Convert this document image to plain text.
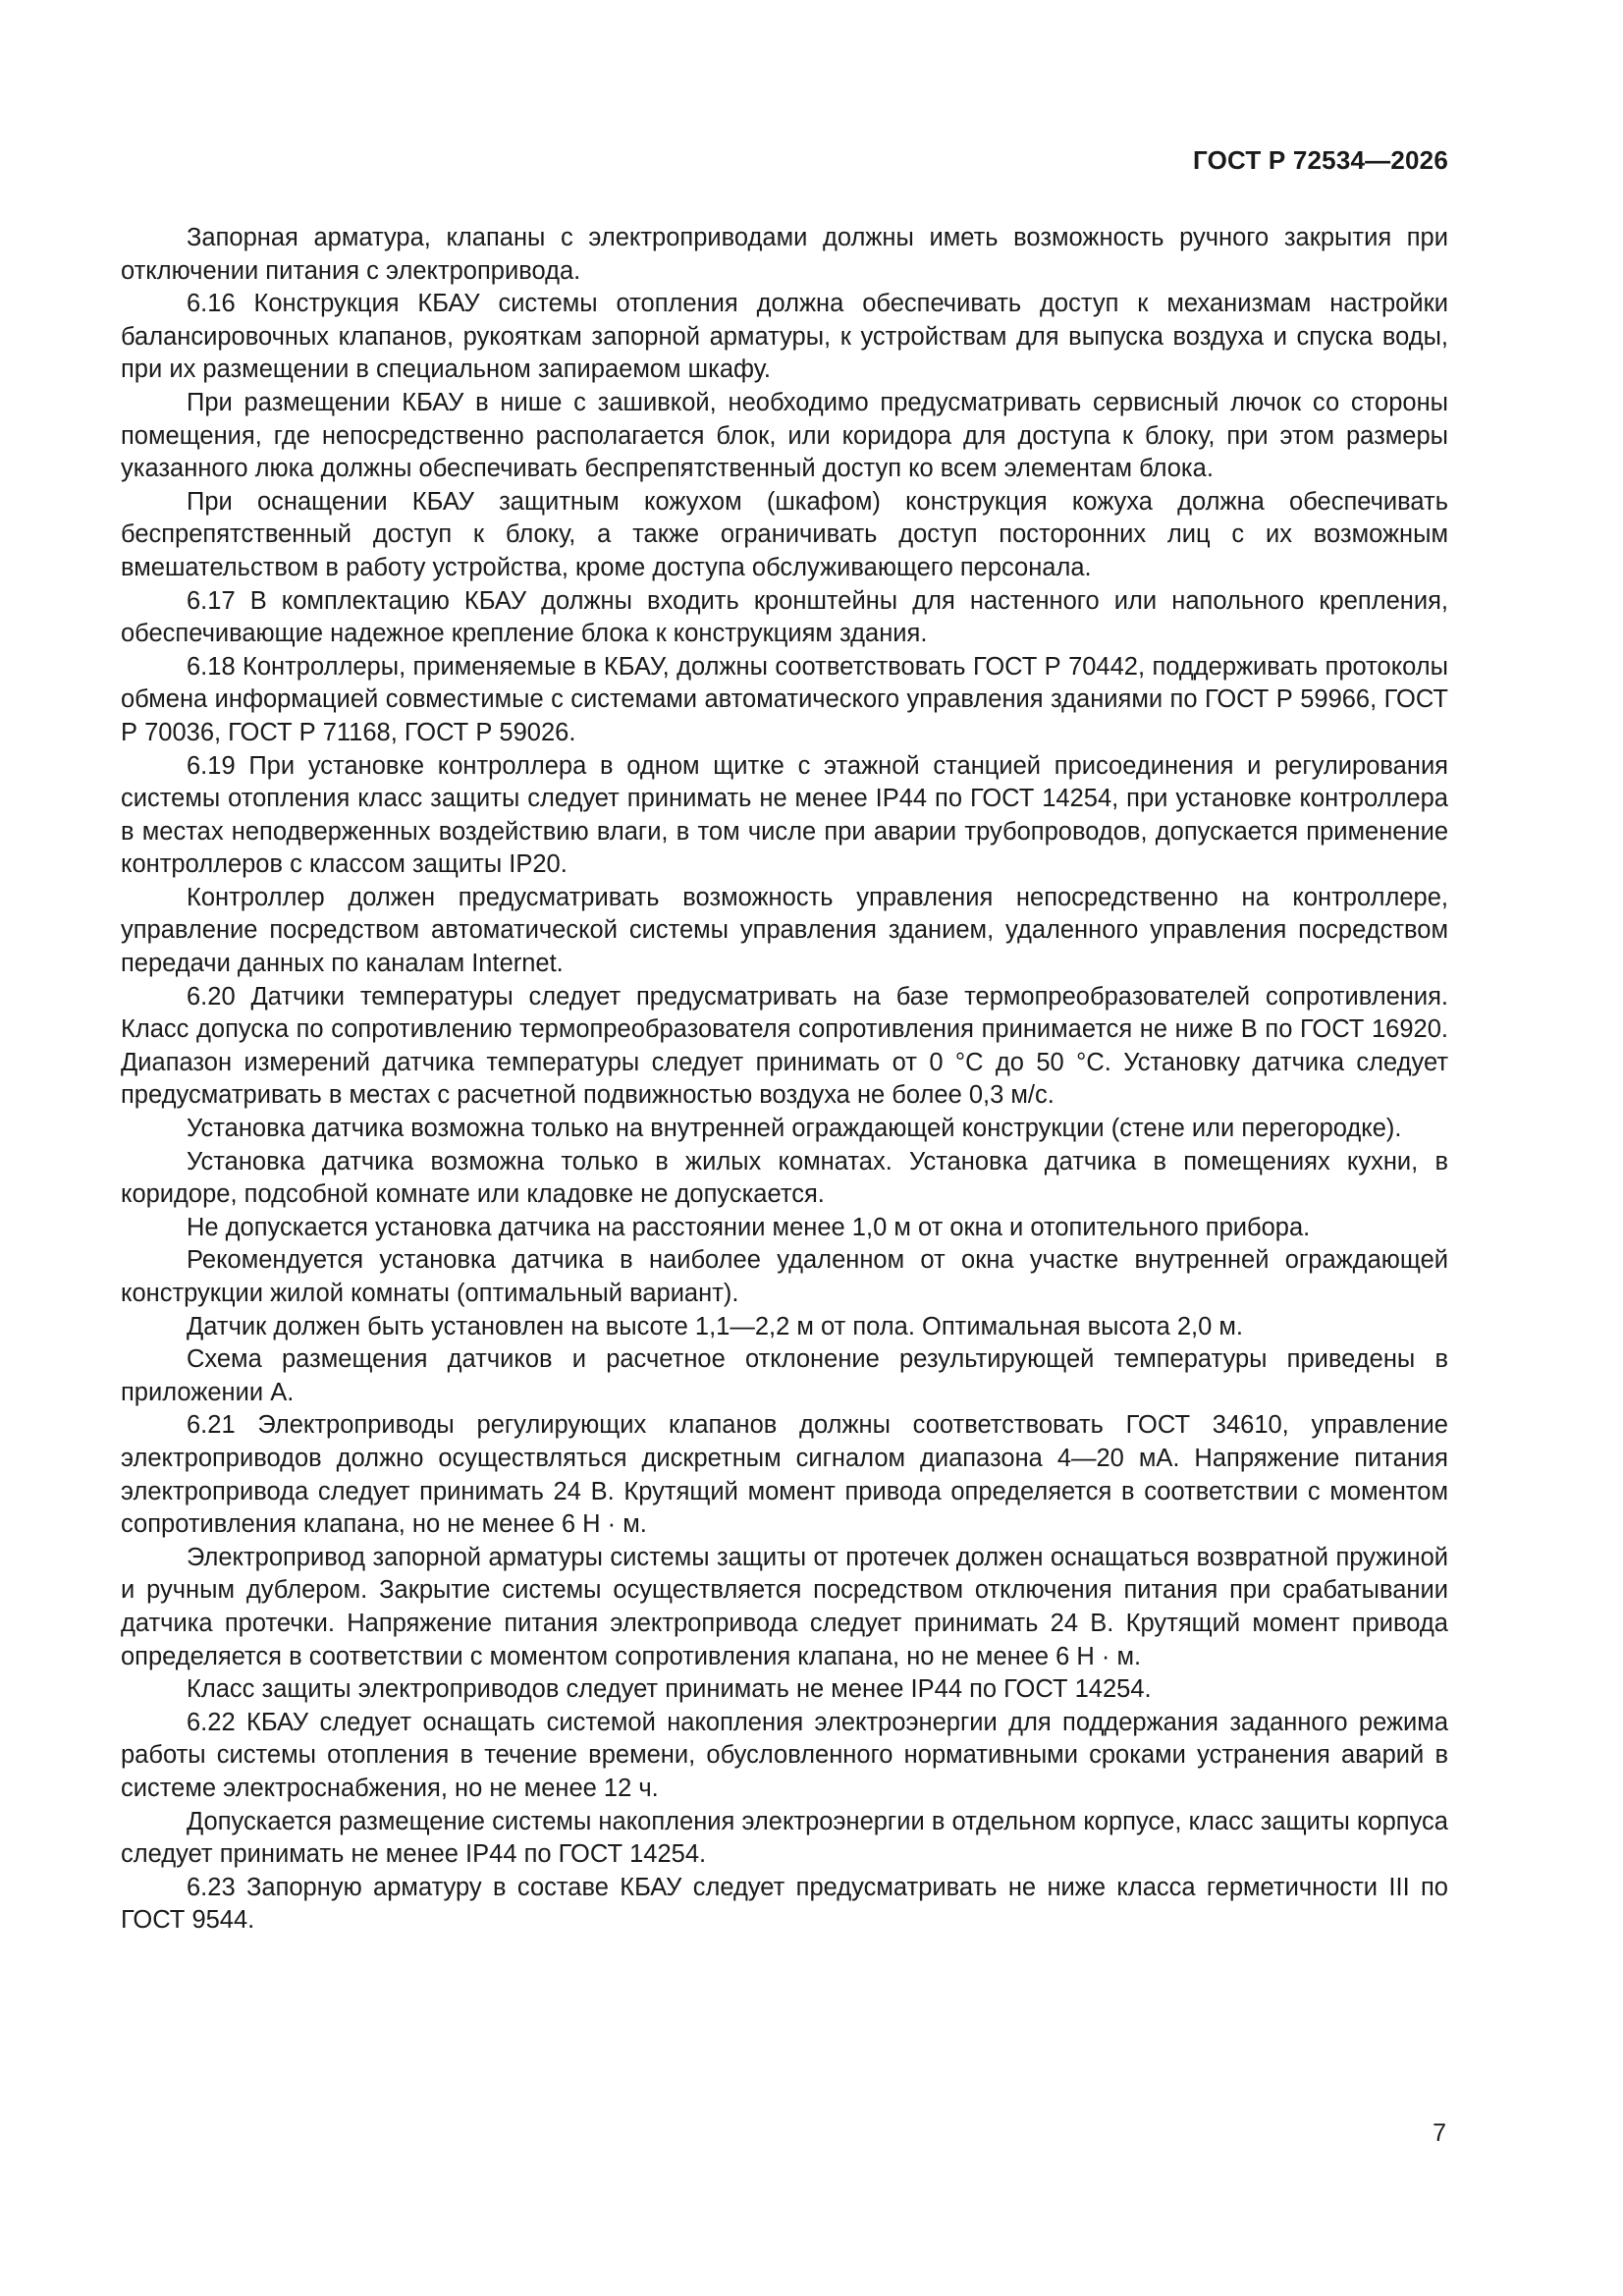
ГОСТ Р 72534—2026

Запорная арматура, клапаны с электроприводами должны иметь возможность ручного закрытия при отключении питания с электропривода.

6.16 Конструкция КБАУ системы отопления должна обеспечивать доступ к механизмам настройки балансировочных клапанов, рукояткам запорной арматуры, к устройствам для выпуска воздуха и спуска воды, при их размещении в специальном запираемом шкафу.

При размещении КБАУ в нише с зашивкой, необходимо предусматривать сервисный лючок со стороны помещения, где непосредственно располагается блок, или коридора для доступа к блоку, при этом размеры указанного люка должны обеспечивать беспрепятственный доступ ко всем элементам блока.

При оснащении КБАУ защитным кожухом (шкафом) конструкция кожуха должна обеспечивать беспрепятственный доступ к блоку, а также ограничивать доступ посторонних лиц с их возможным вмешательством в работу устройства, кроме доступа обслуживающего персонала.

6.17 В комплектацию КБАУ должны входить кронштейны для настенного или напольного крепления, обеспечивающие надежное крепление блока к конструкциям здания.

6.18 Контроллеры, применяемые в КБАУ, должны соответствовать ГОСТ Р 70442, поддерживать протоколы обмена информацией совместимые с системами автоматического управления зданиями по ГОСТ Р 59966, ГОСТ Р 70036, ГОСТ Р 71168, ГОСТ Р 59026.

6.19 При установке контроллера в одном щитке с этажной станцией присоединения и регулирования системы отопления класс защиты следует принимать не менее IP44 по ГОСТ 14254, при установке контроллера в местах неподверженных воздействию влаги, в том числе при аварии трубопроводов, допускается применение контроллеров с классом защиты IP20.

Контроллер должен предусматривать возможность управления непосредственно на контроллере, управление посредством автоматической системы управления зданием, удаленного управления посредством передачи данных по каналам Internet.

6.20 Датчики температуры следует предусматривать на базе термопреобразователей сопротивления. Класс допуска по сопротивлению термопреобразователя сопротивления принимается не ниже В по ГОСТ 16920. Диапазон измерений датчика температуры следует принимать от 0 °С до 50 °С. Установку датчика следует предусматривать в местах с расчетной подвижностью воздуха не более 0,3 м/с.

Установка датчика возможна только на внутренней ограждающей конструкции (стене или перегородке).

Установка датчика возможна только в жилых комнатах. Установка датчика в помещениях кухни, в коридоре, подсобной комнате или кладовке не допускается.

Не допускается установка датчика на расстоянии менее 1,0 м от окна и отопительного прибора.

Рекомендуется установка датчика в наиболее удаленном от окна участке внутренней ограждающей конструкции жилой комнаты (оптимальный вариант).

Датчик должен быть установлен на высоте 1,1—2,2 м от пола. Оптимальная высота 2,0 м.

Схема размещения датчиков и расчетное отклонение результирующей температуры приведены в приложении А.

6.21 Электроприводы регулирующих клапанов должны соответствовать ГОСТ 34610, управление электроприводов должно осуществляться дискретным сигналом диапазона 4—20 мА. Напряжение питания электропривода следует принимать 24 В. Крутящий момент привода определяется в соответствии с моментом сопротивления клапана, но не менее 6 Н · м.

Электропривод запорной арматуры системы защиты от протечек должен оснащаться возвратной пружиной и ручным дублером. Закрытие системы осуществляется посредством отключения питания при срабатывании датчика протечки. Напряжение питания электропривода следует принимать 24 В. Крутящий момент привода определяется в соответствии с моментом сопротивления клапана, но не менее 6 Н · м.

Класс защиты электроприводов следует принимать не менее IP44 по ГОСТ 14254.

6.22 КБАУ следует оснащать системой накопления электроэнергии для поддержания заданного режима работы системы отопления в течение времени, обусловленного нормативными сроками устранения аварий в системе электроснабжения, но не менее 12 ч.

Допускается размещение системы накопления электроэнергии в отдельном корпусе, класс защиты корпуса следует принимать не менее IP44 по ГОСТ 14254.

6.23 Запорную арматуру в составе КБАУ следует предусматривать не ниже класса герметичности III по ГОСТ 9544.

7
